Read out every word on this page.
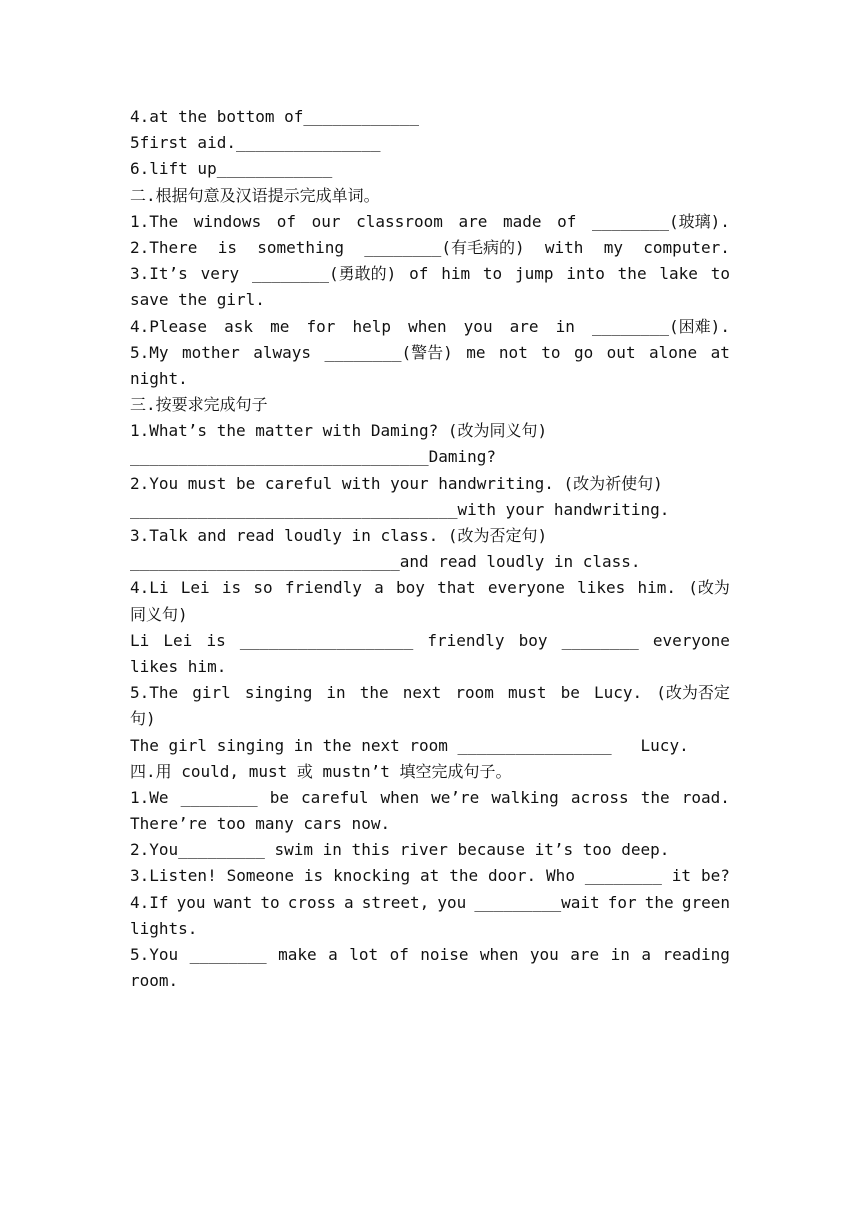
4.at the bottom of____________
5first aid._______________
6.lift up____________
二.根据句意及汉语提示完成单词。
1.The windows of our classroom are made of ________(玻璃).
2.There is something ________(有毛病的) with my computer.
3.It’s very ________(勇敢的) of him to jump into the lake to
save the girl.
4.Please ask me for help when you are in ________(困难).
5.My mother always ________(警告) me not to go out alone at
night.
三.按要求完成句子
1.What’s the matter with Daming? (改为同义句)
_______________________________Daming?
2.You must be careful with your handwriting. (改为祈使句)
__________________________________with your handwriting.
3.Talk and read loudly in class. (改为否定句)
____________________________and read loudly in class.
4.Li Lei is so friendly a boy that everyone likes him. (改为
同义句)
Li Lei is __________________ friendly boy ________ everyone
likes him.
5.The girl singing in the next room must be Lucy. (改为否定
句)
The girl singing in the next room ________________   Lucy.
四.用 could, must 或 mustn’t 填空完成句子。
1.We ________ be careful when we’re walking across the road.
There’re too many cars now.
2.You_________ swim in this river because it’s too deep.
3.Listen! Someone is knocking at the door. Who ________ it be?
4.If you want to cross a street, you _________wait for the green
lights.
5.You ________ make a lot of noise when you are in a reading
room.
